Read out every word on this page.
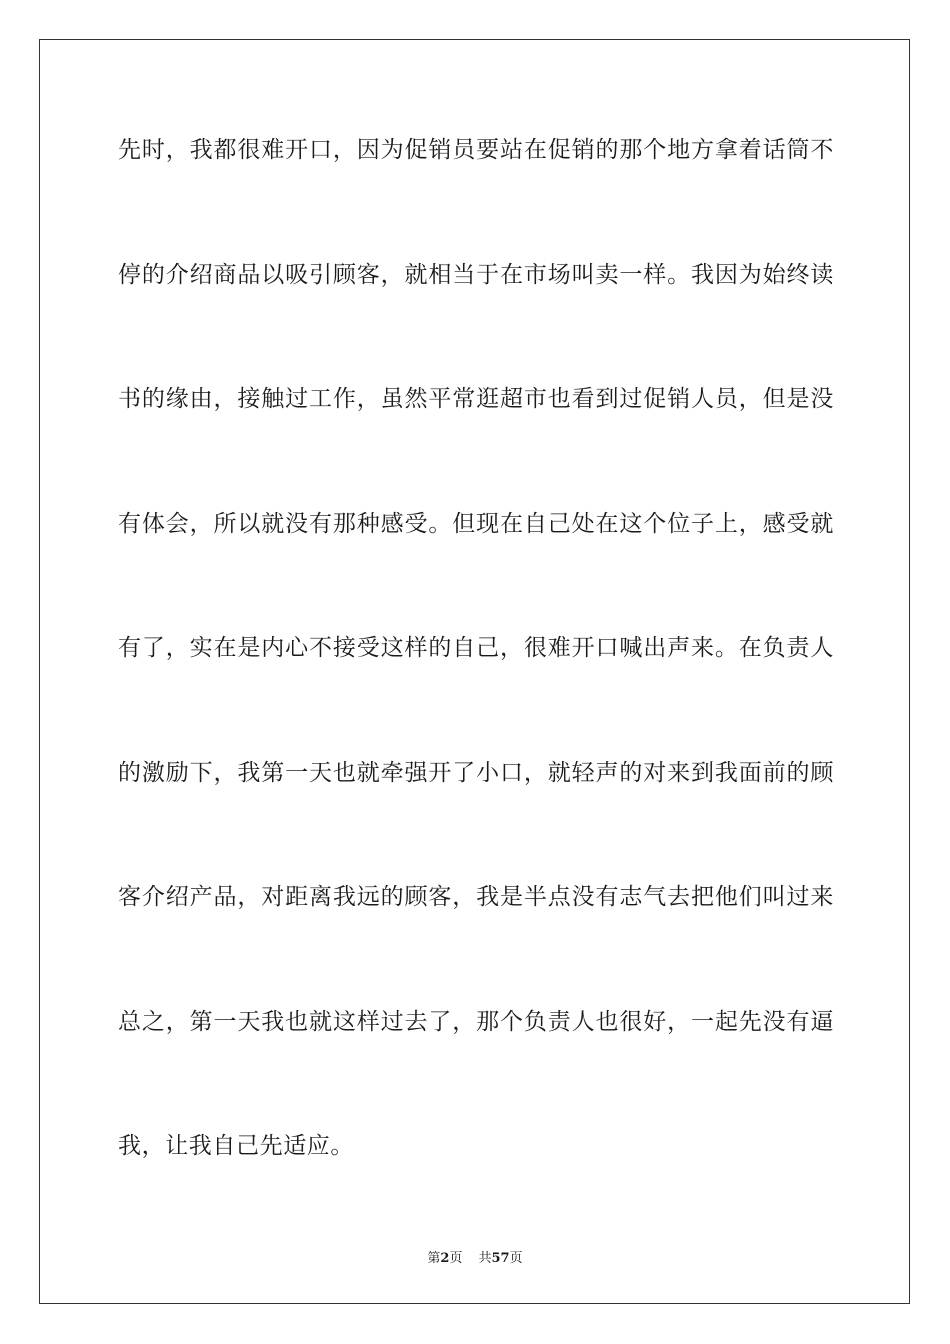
先时，我都很难开口，因为促销员要站在促销的那个地方拿着话筒不
停的介绍商品以吸引顾客，就相当于在市场叫卖一样。我因为始终读
书的缘由，接触过工作，虽然平常逛超市也看到过促销人员，但是没
有体会，所以就没有那种感受。但现在自己处在这个位子上，感受就
有了，实在是内心不接受这样的自己，很难开口喊出声来。在负责人
的激励下，我第一天也就牵强开了小口，就轻声的对来到我面前的顾
客介绍产品，对距离我远的顾客，我是半点没有志气去把他们叫过来
总之，第一天我也就这样过去了，那个负责人也很好，一起先没有逼
我，让我自己先适应。
第2页 共57页
